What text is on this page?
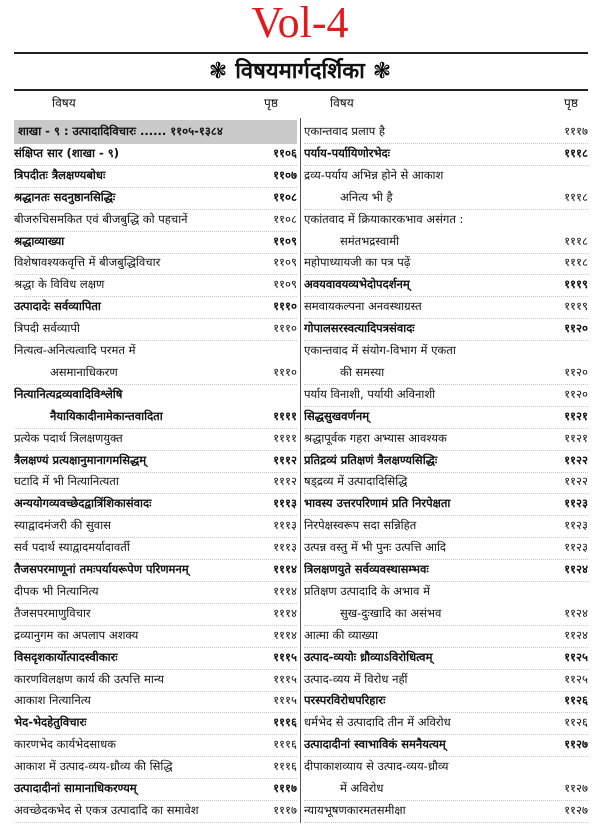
Vol-4
❃ विषयमार्गदर्शिका ❃
विषय	पृष्ठ	विषय	पृष्ठ
शाखा - ९ : उत्पादादिविचारः ...... ११०५-१३८४
संक्षिप्त सार (शाखा - ९)	११०६
त्रिपदीतः त्रैलक्षण्यबोधः	११०७
श्रद्धानतः सदनुष्ठानसिद्धिः	११०८
बीजरुचिसमकित एवं बीजबुद्धि को पहचानें	११०८
श्रद्धाव्याख्या	११०९
विशेषावश्यकवृत्ति में बीजबुद्धिविचार	११०९
श्रद्धा के विविध लक्षण	११०९
उत्पादादेः सर्वव्यापिता	१११०
त्रिपदी सर्वव्यापी	१११०
नित्यत्व-अनित्यत्वादि परमत में
असमानाधिकरण	१११०
नित्यानित्यद्रव्यवादिविश्लेषि
नैयायिकादीनामेकान्तवादिता	११११
प्रत्येक पदार्थ त्रिलक्षणयुक्त	११११
त्रैलक्षण्यं प्रत्यक्षानुमानागमसिद्धम्	१११२
घटादि में भी नित्यानित्यता	१११२
अन्ययोगव्यवच्छेदद्वात्रिंशिकासंवादः	१११३
स्याद्वादमंजरी की सुवास	१११३
सर्व पदार्थ स्याद्वादमर्यादावर्ती	१११३
तैजसपरमाणूनां तमःपर्यायरूपेण परिणमनम्	१११४
दीपक भी नित्यानित्य	१११४
तैजसपरमाणुविचार	१११४
द्रव्यानुगम का अपलाप अशक्य	१११४
विसदृशकार्योत्पादस्वीकारः	१११५
कारणविलक्षण कार्य की उत्पत्ति मान्य	१११५
आकाश नित्यानित्य	१११५
भेद-भेदहेतुविचारः	१११६
कारणभेद कार्यभेदसाधक	१११६
आकाश में उत्पाद-व्यय-ध्रौव्य की सिद्धि	१११६
उत्पादादीनां सामानाधिकरण्यम्	१११७
अवच्छेदकभेद से एकत्र उत्पादादि का समावेश	१११७
एकान्तवाद प्रलाप है	१११७
पर्याय-पर्यायिणोरभेदः	१११८
द्रव्य-पर्याय अभिन्न होने से आकाश
अनित्य भी है	१११८
एकांतवाद में क्रियाकारकभाव असंगत :
समंतभद्रस्वामी	१११८
महोपाध्यायजी का पत्र पढ़ें	१११८
अवयवावयव्यभेदोपदर्शनम्	१११९
समवायकल्पना अनवस्थाग्रस्त	१११९
गोपालसरस्वत्यादिपत्रसंवादः	११२०
एकान्तवाद में संयोग-विभाग में एकता
की समस्या	११२०
पर्याय विनाशी, पर्यायी अविनाशी	११२०
सिद्धसुखवर्णनम्	११२१
श्रद्धापूर्वक गहरा अभ्यास आवश्यक	११२१
प्रतिद्रव्यं प्रतिक्षणं त्रैलक्षण्यसिद्धिः	११२२
षड्द्रव्य में उत्पादादिसिद्धि	११२२
भावस्य उत्तरपरिणामं प्रति निरपेक्षता	११२३
निरपेक्षस्वरूप सदा सन्निहित	११२३
उत्पन्न वस्तु में भी पुनः उत्पत्ति आदि	११२३
त्रिलक्षणयुते सर्वव्यवस्थासम्भवः	११२४
प्रतिक्षण उत्पादादि के अभाव में
सुख-दुःखादि का असंभव	११२४
आत्मा की व्याख्या	११२४
उत्पाद-व्ययोः ध्रौव्याऽविरोधित्वम्	११२५
उत्पाद-व्यय में विरोध नहीं	११२५
परस्परविरोधपरिहारः	११२६
धर्मभेद से उत्पादादि तीन में अविरोध	११२६
उत्पादादीनां स्वाभाविकं समनैयत्यम्	११२७
दीपाकाशव्याय से उत्पाद-व्यय-ध्रौव्य
में अविरोध	११२७
न्यायभूषणकारमतसमीक्षा	११२७
